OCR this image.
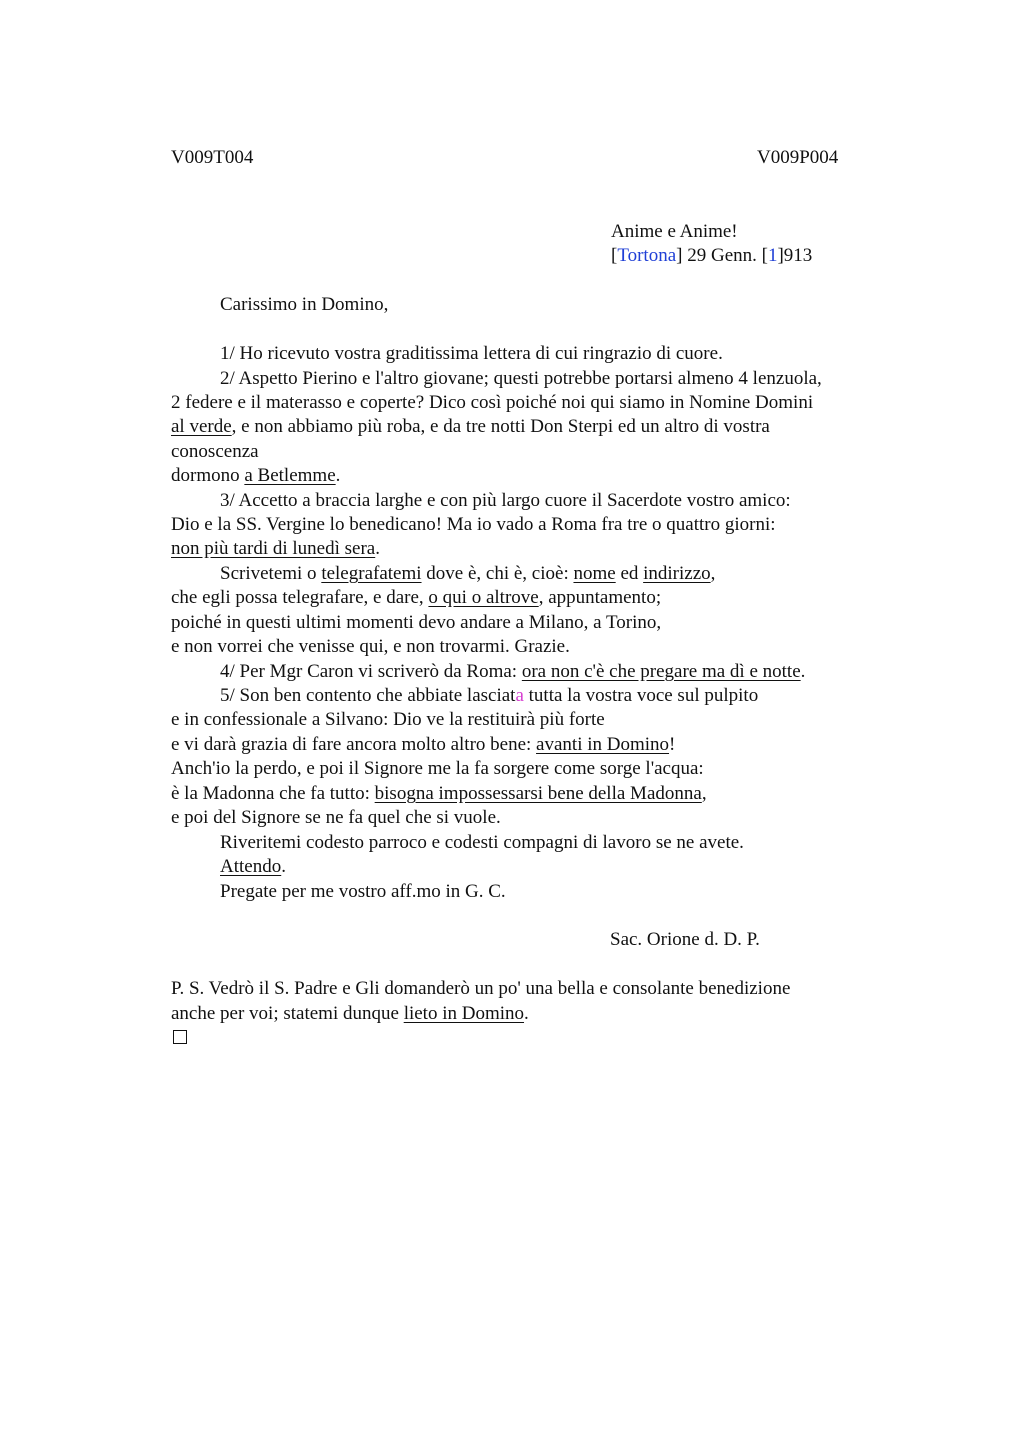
V009T004	V009P004
Anime e Anime!
[Tortona] 29 Genn. [1]913
Carissimo in Domino,
1/ Ho ricevuto vostra graditissima lettera di cui ringrazio di cuore.
2/ Aspetto Pierino e l'altro giovane; questi potrebbe portarsi almeno 4 lenzuola,
2 federe e il materasso e coperte? Dico così poiché noi qui siamo in Nomine Domini
al verde, e non abbiamo più roba, e da tre notti Don Sterpi ed un altro di vostra
conoscenza
dormono a Betlemme.
3/ Accetto a braccia larghe e con più largo cuore il Sacerdote vostro amico:
Dio e la SS. Vergine lo benedicano! Ma io vado a Roma fra tre o quattro giorni:
non più tardi di lunedì sera.
Scrivetemi o telegrafatemi dove è, chi è, cioè: nome ed indirizzo,
che egli possa telegrafare, e dare, o qui o altrove, appuntamento;
poiché in questi ultimi momenti devo andare a Milano, a Torino,
e non vorrei che venisse qui, e non trovarmi. Grazie.
4/ Per Mgr Caron vi scriverò da Roma: ora non c'è che pregare ma dì e notte.
5/ Son ben contento che abbiate lasciata tutta la vostra voce sul pulpito
e in confessionale a Silvano: Dio ve la restituirà più forte
e vi darà grazia di fare ancora molto altro bene: avanti in Domino!
Anch'io la perdo, e poi il Signore me la fa sorgere come sorge l'acqua:
è la Madonna che fa tutto: bisogna impossessarsi bene della Madonna,
e poi del Signore se ne fa quel che si vuole.
Riveritemi codesto parroco e codesti compagni di lavoro se ne avete.
Attendo.
Pregate per me vostro aff.mo in G. C.
Sac. Orione d. D. P.
P. S. Vedrò il S. Padre e Gli domanderò un po' una bella e consolante benedizione
anche per voi; statemi dunque lieto in Domino.
